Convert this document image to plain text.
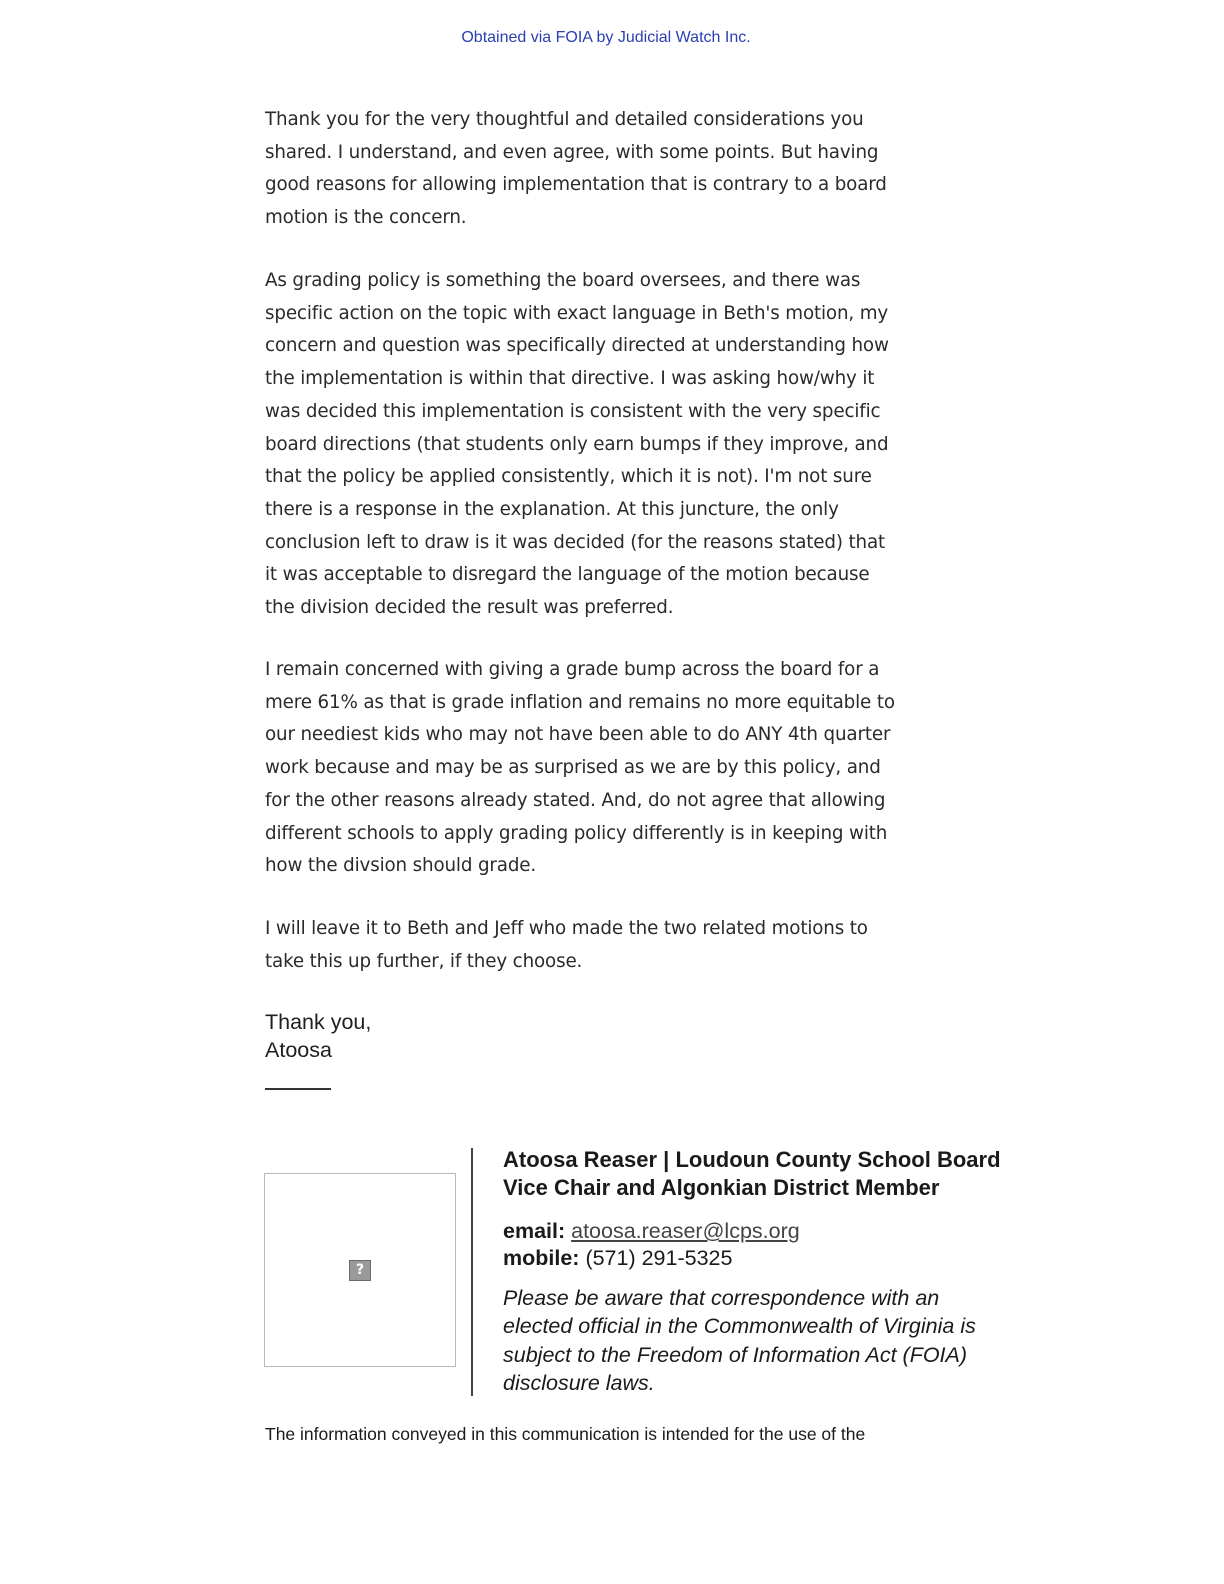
Obtained via FOIA by Judicial Watch Inc.
Thank you for the very thoughtful and detailed considerations you
shared. I understand, and even agree, with some points. But having
good reasons for allowing implementation that is contrary to a board
motion is the concern.
As grading policy is something the board oversees, and there was
specific action on the topic with exact language in Beth's motion, my
concern and question was specifically directed at understanding how
the implementation is within that directive. I was asking how/why it
was decided this implementation is consistent with the very specific
board directions (that students only earn bumps if they improve, and
that the policy be applied consistently, which it is not). I'm not sure
there is a response in the explanation. At this juncture, the only
conclusion left to draw is it was decided (for the reasons stated) that
it was acceptable to disregard the language of the motion because
the division decided the result was preferred.
I remain concerned with giving a grade bump across the board for a
mere 61% as that is grade inflation and remains no more equitable to
our neediest kids who may not have been able to do ANY 4th quarter
work because and may be as surprised as we are by this policy, and
for the other reasons already stated. And, do not agree that allowing
different schools to apply grading policy differently is in keeping with
how the divsion should grade.
I will leave it to Beth and Jeff who made the two related motions to
take this up further, if they choose.
Thank you,
Atoosa
?
Atoosa Reaser | Loudoun County School Board
Vice Chair and Algonkian District Member
email: atoosa.reaser@lcps.org
mobile: (571) 291-5325
Please be aware that correspondence with an
elected official in the Commonwealth of Virginia is
subject to the Freedom of Information Act (FOIA)
disclosure laws.
The information conveyed in this communication is intended for the use of the
